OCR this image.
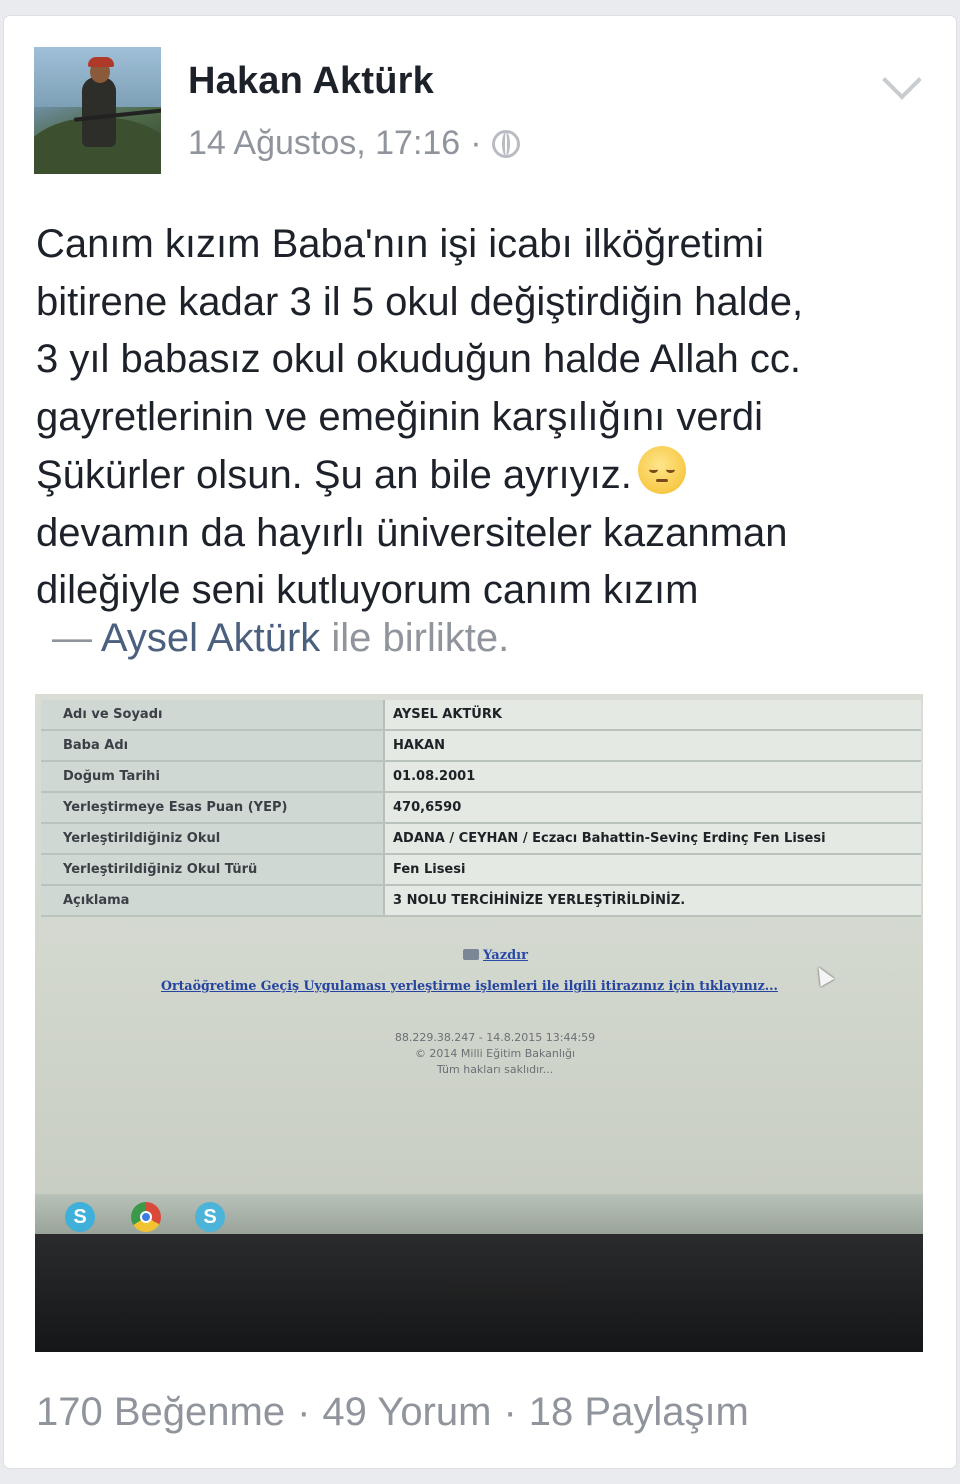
Hakan Aktürk
14 Ağustos, 17:16 ·

Canım kızım Baba'nın işi icabı ilköğretimi

bitirene kadar 3 il 5 okul değiştirdiğin halde,

3 yıl babasız okul okuduğun halde Allah cc.

gayretlerinin ve emeğinin karşılığını verdi

Şükürler olsun. Şu an bile ayrıyız.

devamın da hayırlı üniversiteler kazanman

dileğiyle seni kutluyorum canım kızım

— Aysel Aktürk ile birlikte.
Adı ve Soyadı	AYSEL AKTÜRK
Baba Adı	HAKAN
Doğum Tarihi	01.08.2001
Yerleştirmeye Esas Puan (YEP)	470,6590
Yerleştirildiğiniz Okul	ADANA / CEYHAN / Eczacı Bahattin-Sevinç Erdinç Fen Lisesi
Yerleştirildiğiniz Okul Türü	Fen Lisesi
Açıklama	3 NOLU TERCİHİNİZE YERLEŞTİRİLDİNİZ.
Yazdır
Ortaöğretime Geçiş Uygulaması yerleştirme işlemleri ile ilgili itirazınız için tıklayınız...
88.229.38.247 - 14.8.2015 13:44:59
© 2014 Milli Eğitim Bakanlığı
Tüm hakları saklıdır...
S	S
170 Beğenme · 49 Yorum · 18 Paylaşım
